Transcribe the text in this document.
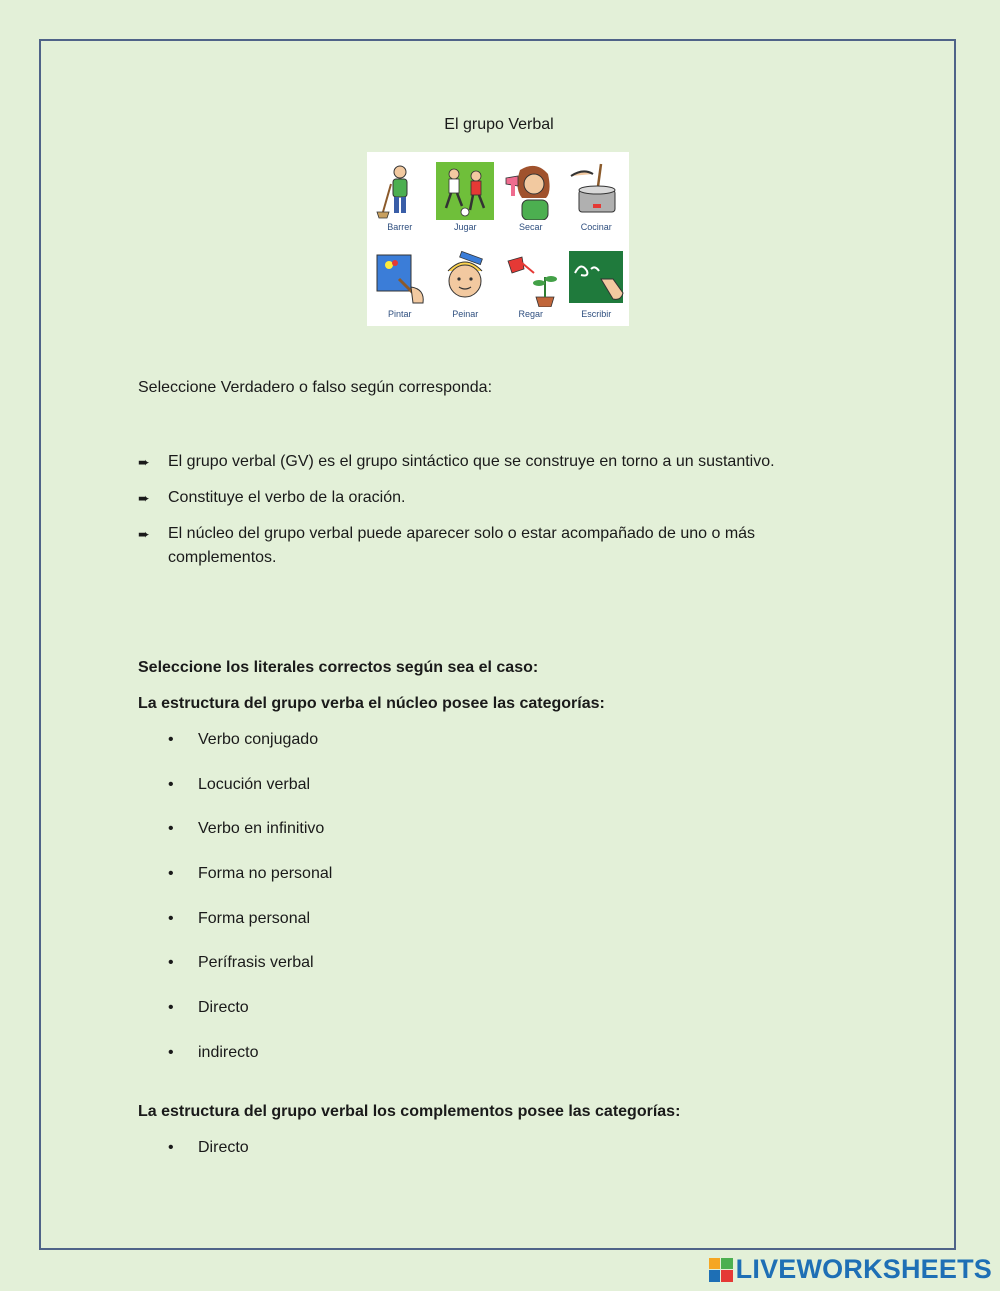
El grupo Verbal
Barrer	Jugar	Secar	Cocinar
Pintar	Peinar	Regar	Escribir
Seleccione Verdadero o falso según corresponda:
➨	El grupo verbal (GV) es el grupo sintáctico que se construye en torno a un sustantivo.
➨	Constituye el verbo de la oración.
➨	El núcleo del grupo verbal puede aparecer solo o estar acompañado de uno o más complementos.
Seleccione los literales correctos según sea el caso:
La estructura del grupo verba el núcleo posee las categorías:
•	Verbo conjugado
•	Locución verbal
•	Verbo en infinitivo
•	Forma no personal
•	Forma personal
•	Perífrasis verbal
•	Directo
•	indirecto
La estructura del grupo verbal los complementos posee las categorías:
•	Directo
LIVEWORKSHEETS
